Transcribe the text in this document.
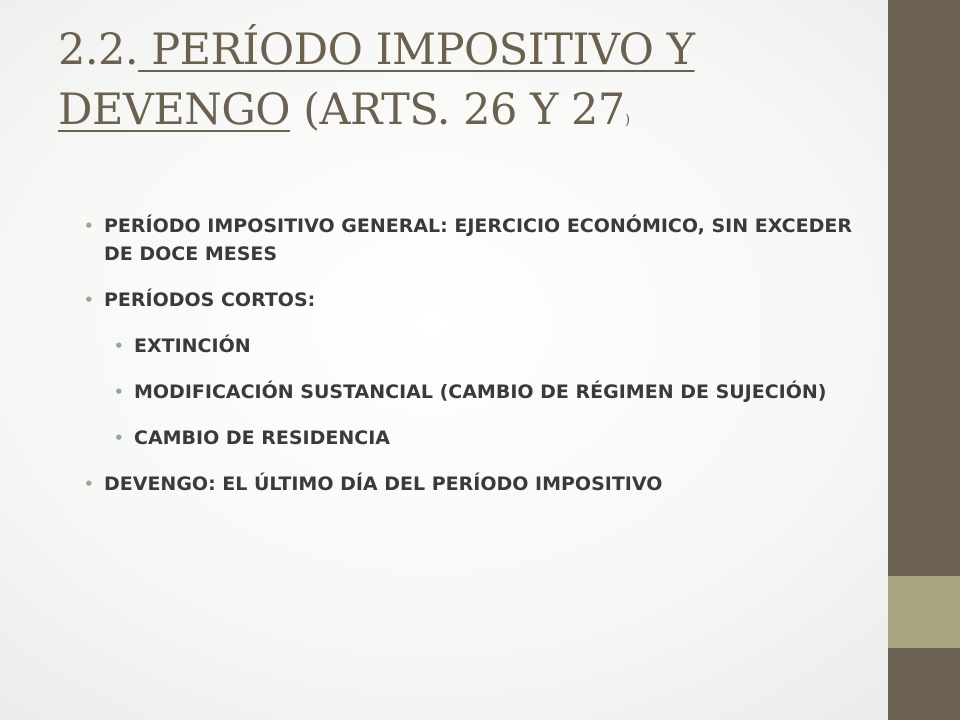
2.2. PERÍODO IMPOSITIVO Y
DEVENGO (ARTS. 26 Y 27)

• PERÍODO IMPOSITIVO GENERAL: EJERCICIO ECONÓMICO, SIN EXCEDER DE DOCE MESES

• PERÍODOS CORTOS:

• EXTINCIÓN

• MODIFICACIÓN SUSTANCIAL (CAMBIO DE RÉGIMEN DE SUJECIÓN)

• CAMBIO DE RESIDENCIA

• DEVENGO: EL ÚLTIMO DÍA DEL PERÍODO IMPOSITIVO
